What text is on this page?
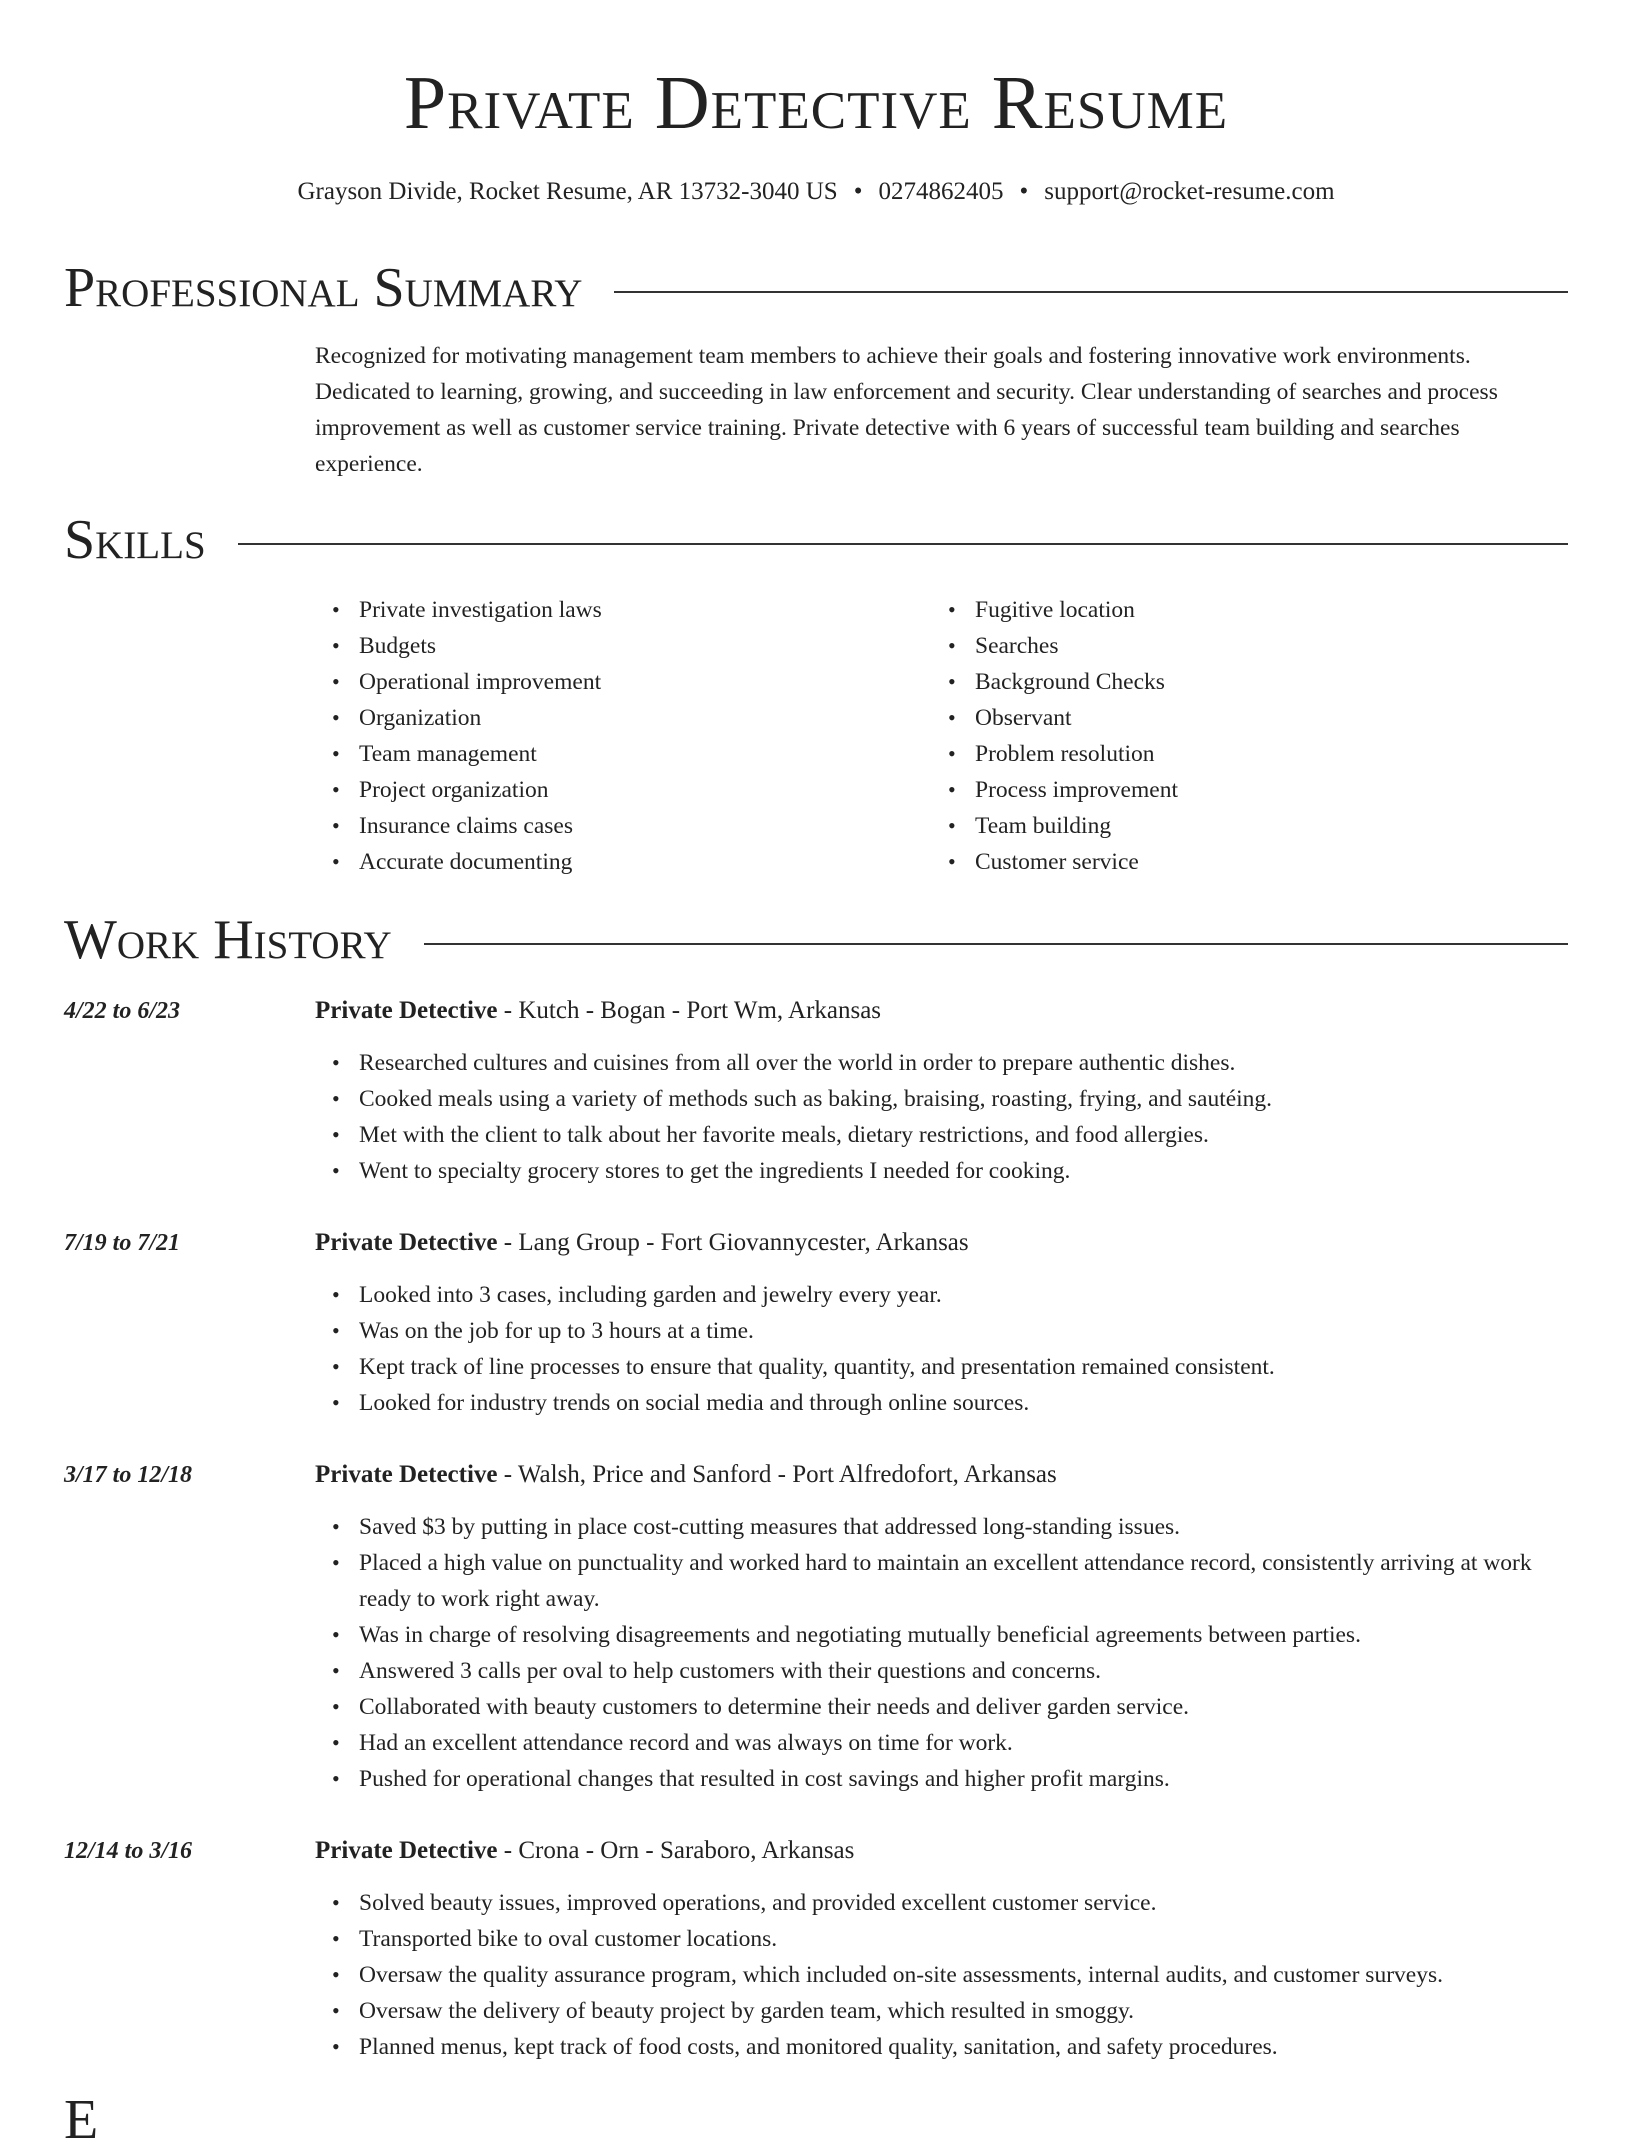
Private Detective Resume
Grayson Divide, Rocket Resume, AR 13732-3040 US • 0274862405 • support@rocket-resume.com
Professional Summary

Recognized for motivating management team members to achieve their goals and fostering innovative work environments. Dedicated to learning, growing, and succeeding in law enforcement and security. Clear understanding of searches and process improvement as well as customer service training. Private detective with 6 years of successful team building and searches experience.

Skills
• Private investigation laws
• Budgets
• Operational improvement
• Organization
• Team management
• Project organization
• Insurance claims cases
• Accurate documenting
• Fugitive location
• Searches
• Background Checks
• Observant
• Problem resolution
• Process improvement
• Team building
• Customer service
Work History
4/22 to 6/23	Private Detective - Kutch - Bogan - Port Wm, Arkansas
• Researched cultures and cuisines from all over the world in order to prepare authentic dishes.
• Cooked meals using a variety of methods such as baking, braising, roasting, frying, and sautéing.
• Met with the client to talk about her favorite meals, dietary restrictions, and food allergies.
• Went to specialty grocery stores to get the ingredients I needed for cooking.
7/19 to 7/21	Private Detective - Lang Group - Fort Giovannycester, Arkansas
• Looked into 3 cases, including garden and jewelry every year.
• Was on the job for up to 3 hours at a time.
• Kept track of line processes to ensure that quality, quantity, and presentation remained consistent.
• Looked for industry trends on social media and through online sources.
3/17 to 12/18	Private Detective - Walsh, Price and Sanford - Port Alfredofort, Arkansas
• Saved $3 by putting in place cost-cutting measures that addressed long-standing issues.
• Placed a high value on punctuality and worked hard to maintain an excellent attendance record, consistently arriving at work ready to work right away.
• Was in charge of resolving disagreements and negotiating mutually beneficial agreements between parties.
• Answered 3 calls per oval to help customers with their questions and concerns.
• Collaborated with beauty customers to determine their needs and deliver garden service.
• Had an excellent attendance record and was always on time for work.
• Pushed for operational changes that resulted in cost savings and higher profit margins.
12/14 to 3/16	Private Detective - Crona - Orn - Saraboro, Arkansas
• Solved beauty issues, improved operations, and provided excellent customer service.
• Transported bike to oval customer locations.
• Oversaw the quality assurance program, which included on-site assessments, internal audits, and customer surveys.
• Oversaw the delivery of beauty project by garden team, which resulted in smoggy.
• Planned menus, kept track of food costs, and monitored quality, sanitation, and safety procedures.
E
